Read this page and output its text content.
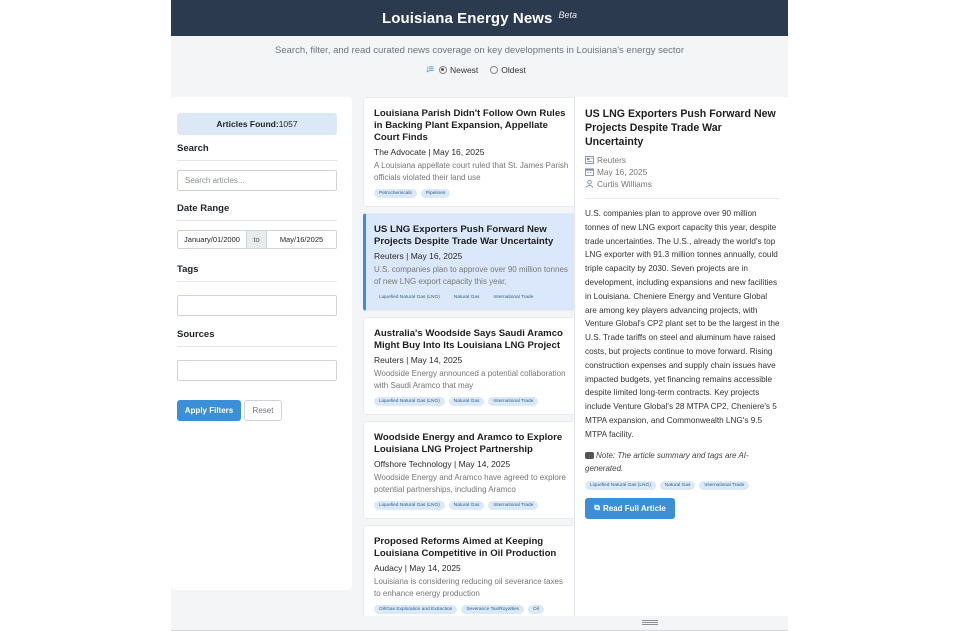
Louisiana Energy News Beta
Search, filter, and read curated news coverage on key developments in Louisiana's energy sector
↓≡ Newest	Oldest
Articles Found: 1057
Search
Search articles...
Date Range
January/01/2000	to	May/16/2025
Tags
Sources
Apply Filters	Reset
Louisiana Parish Didn't Follow Own Rules in Backing Plant Expansion, Appellate Court Finds
The Advocate | May 16, 2025
A Louisiana appellate court ruled that St. James Parish officials violated their land use
Petrochemicals	Pipelines
US LNG Exporters Push Forward New Projects Despite Trade War Uncertainty
Reuters | May 16, 2025
U.S. companies plan to approve over 90 million tonnes of new LNG export capacity this year,
Liquefied Natural Gas (LNG)	Natural Gas	International Trade
Australia's Woodside Says Saudi Aramco Might Buy Into Its Louisiana LNG Project
Reuters | May 14, 2025
Woodside Energy announced a potential collaboration with Saudi Aramco that may
Liquefied Natural Gas (LNG)	Natural Gas	International Trade
Woodside Energy and Aramco to Explore Louisiana LNG Project Partnership
Offshore Technology | May 14, 2025
Woodside Energy and Aramco have agreed to explore potential partnerships, including Aramco
Liquefied Natural Gas (LNG)	Natural Gas	International Trade
Proposed Reforms Aimed at Keeping Louisiana Competitive in Oil Production
Audacy | May 14, 2025
Louisiana is considering reducing oil severance taxes to enhance energy production
Oil/Gas Exploration and Extraction	Severance Tax/Royalties	Oil
US LNG Exporters Push Forward New Projects Despite Trade War Uncertainty
Reuters
May 16, 2025
Curtis Williams
U.S. companies plan to approve over 90 million tonnes of new LNG export capacity this year, despite trade uncertainties. The U.S., already the world's top LNG exporter with 91.3 million tonnes annually, could triple capacity by 2030. Seven projects are in development, including expansions and new facilities in Louisiana. Cheniere Energy and Venture Global are among key players advancing projects, with Venture Global's CP2 plant set to be the largest in the U.S. Trade tariffs on steel and aluminum have raised costs, but projects continue to move forward. Rising construction expenses and supply chain issues have impacted budgets, yet financing remains accessible despite limited long-term contracts. Key projects include Venture Global's 28 MTPA CP2, Cheniere's 5 MTPA expansion, and Commonwealth LNG's 9.5 MTPA facility.
Note: The article summary and tags are AI-generated.
Liquefied Natural Gas (LNG)	Natural Gas	International Trade
⧉ Read Full Article
